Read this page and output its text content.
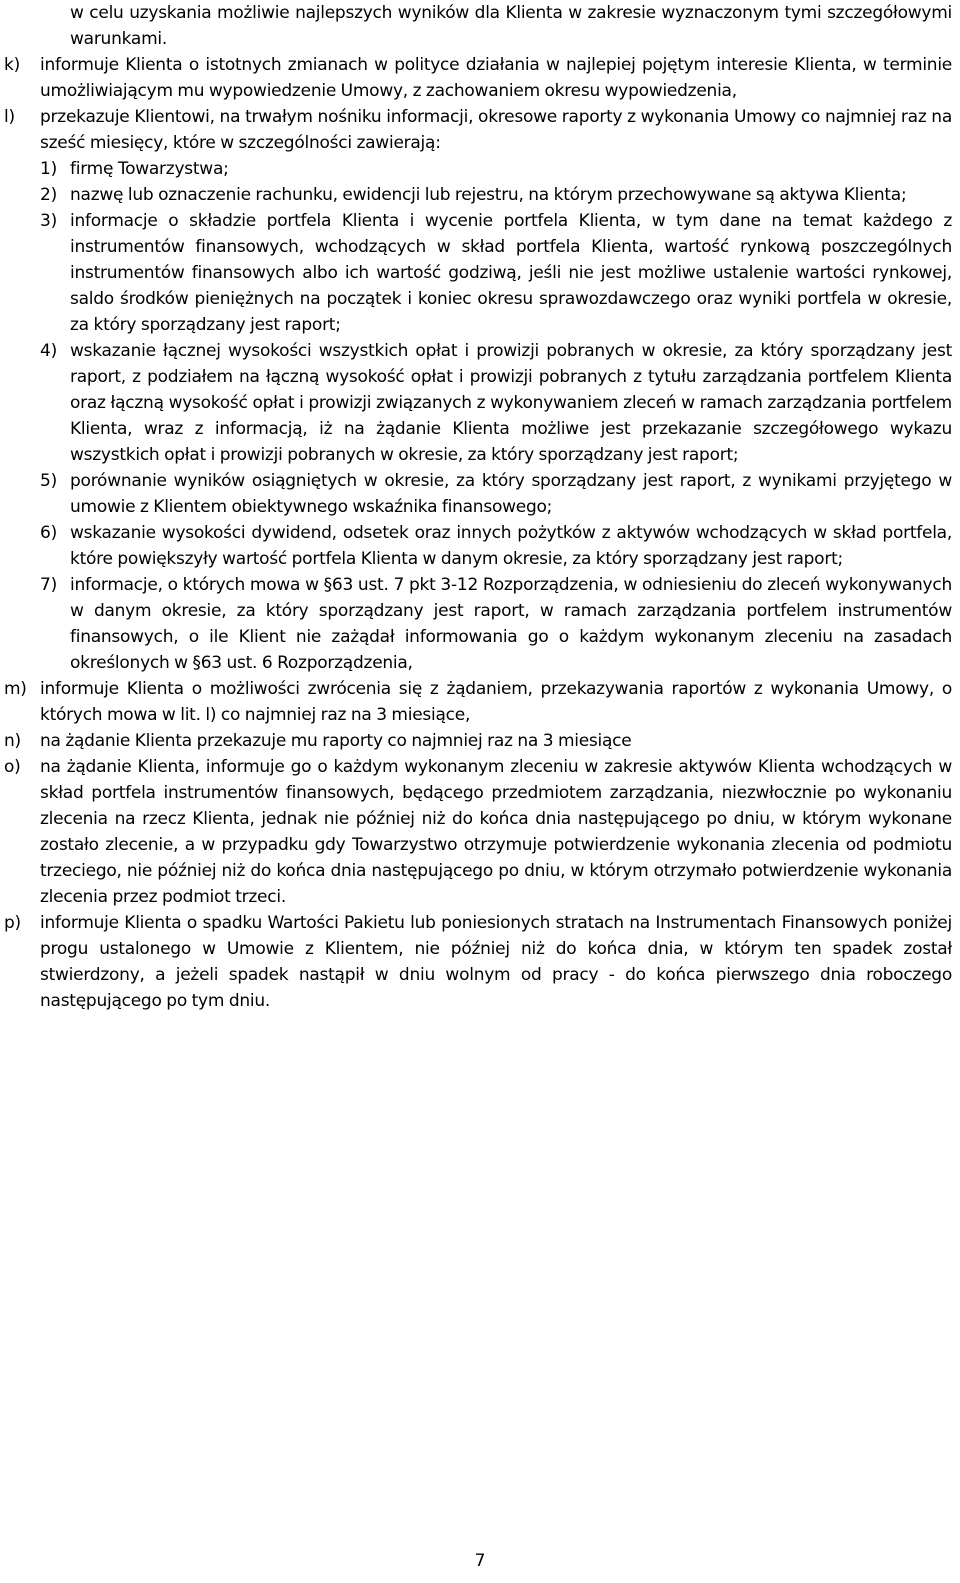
w celu uzyskania możliwie najlepszych wyników dla Klienta w zakresie wyznaczonym tymi szczegółowymi warunkami.
k) informuje Klienta o istotnych zmianach w polityce działania w najlepiej pojętym interesie Klienta, w terminie umożliwiającym mu wypowiedzenie Umowy, z zachowaniem okresu wypowiedzenia,
l) przekazuje Klientowi, na trwałym nośniku informacji, okresowe raporty z wykonania Umowy co najmniej raz na sześć miesięcy, które w szczególności zawierają:
1) firmę Towarzystwa;
2) nazwę lub oznaczenie rachunku, ewidencji lub rejestru, na którym przechowywane są aktywa Klienta;
3) informacje o składzie portfela Klienta i wycenie portfela Klienta, w tym dane na temat każdego z instrumentów finansowych, wchodzących w skład portfela Klienta, wartość rynkową poszczególnych instrumentów finansowych albo ich wartość godziwą, jeśli nie jest możliwe ustalenie wartości rynkowej, saldo środków pieniężnych na początek i koniec okresu sprawozdawczego oraz wyniki portfela w okresie, za który sporządzany jest raport;
4) wskazanie łącznej wysokości wszystkich opłat i prowizji pobranych w okresie, za który sporządzany jest raport, z podziałem na łączną wysokość opłat i prowizji pobranych z tytułu zarządzania portfelem Klienta oraz łączną wysokość opłat i prowizji związanych z wykonywaniem zleceń w ramach zarządzania portfelem Klienta, wraz z informacją, iż na żądanie Klienta możliwe jest przekazanie szczegółowego wykazu wszystkich opłat i prowizji pobranych w okresie, za który sporządzany jest raport;
5) porównanie wyników osiągniętych w okresie, za który sporządzany jest raport, z wynikami przyjętego w umowie z Klientem obiektywnego wskaźnika finansowego;
6) wskazanie wysokości dywidend, odsetek oraz innych pożytków z aktywów wchodzących w skład portfela, które powiększyły wartość portfela Klienta w danym okresie, za który sporządzany jest raport;
7) informacje, o których mowa w §63 ust. 7 pkt 3-12 Rozporządzenia, w odniesieniu do zleceń wykonywanych w danym okresie, za który sporządzany jest raport, w ramach zarządzania portfelem instrumentów finansowych, o ile Klient nie zażądał informowania go o każdym wykonanym zleceniu na zasadach określonych w §63 ust. 6 Rozporządzenia,
m) informuje Klienta o możliwości zwrócenia się z żądaniem, przekazywania raportów z wykonania Umowy, o których mowa w lit. l) co najmniej raz na 3 miesiące,
n) na żądanie Klienta przekazuje mu raporty co najmniej raz na 3 miesiące
o) na żądanie Klienta, informuje go o każdym wykonanym zleceniu w zakresie aktywów Klienta wchodzących w skład portfela instrumentów finansowych, będącego przedmiotem zarządzania, niezwłocznie po wykonaniu zlecenia na rzecz Klienta, jednak nie później niż do końca dnia następującego po dniu, w którym wykonane zostało zlecenie, a w przypadku gdy Towarzystwo otrzymuje potwierdzenie wykonania zlecenia od podmiotu trzeciego, nie później niż do końca dnia następującego po dniu, w którym otrzymało potwierdzenie wykonania zlecenia przez podmiot trzeci.
p) informuje Klienta o spadku Wartości Pakietu lub poniesionych stratach na Instrumentach Finansowych poniżej progu ustalonego w Umowie z Klientem, nie później niż do końca dnia, w którym ten spadek został stwierdzony, a jeżeli spadek nastąpił w dniu wolnym od pracy - do końca pierwszego dnia roboczego następującego po tym dniu.
7
